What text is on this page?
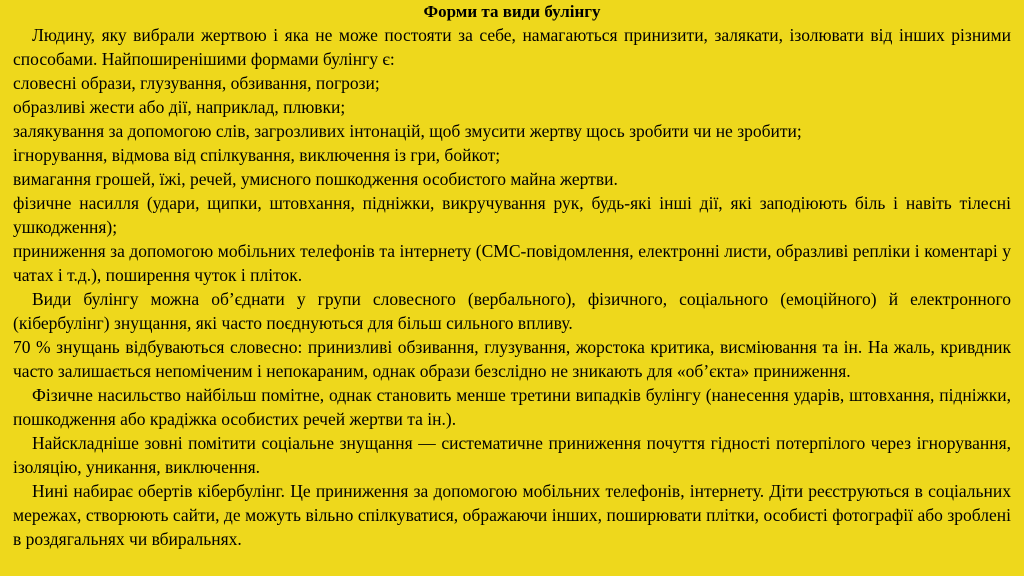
Форми та види булінгу

Людину, яку вибрали жертвою і яка не може постояти за себе, намагаються принизити, залякати, ізолювати від інших різними способами. Найпоширенішими формами булінгу є:

словесні образи, глузування, обзивання, погрози;

образливі жести або дії, наприклад, плювки;

залякування за допомогою слів, загрозливих інтонацій, щоб змусити жертву щось зробити чи не зробити;

ігнорування, відмова від спілкування, виключення із гри, бойкот;

вимагання грошей, їжі, речей, умисного пошкодження особистого майна жертви.

фізичне насилля (удари, щипки, штовхання, підніжки, викручування рук, будь-які інші дії, які заподіюють біль і навіть тілесні ушкодження);

приниження за допомогою мобільних телефонів та інтернету (СМС-повідомлення, електронні листи, образливі репліки і коментарі у чатах і т.д.), поширення чуток і пліток.

Види булінгу можна об’єднати у групи словесного (вербального), фізичного, соціального (емоційного) й електронного (кібербулінг) знущання, які часто поєднуються для більш сильного впливу.

70 % знущань відбуваються словесно: принизливі обзивання, глузування, жорстока критика, висміювання та ін. На жаль, кривдник часто залишається непоміченим і непокараним, однак образи безслідно не зникають для «об’єкта» приниження.

Фізичне насильство найбільш помітне, однак становить менше третини випадків булінгу (нанесення ударів, штовхання, підніжки, пошкодження або крадіжка особистих речей жертви та ін.).

Найскладніше зовні помітити соціальне знущання — систематичне приниження почуття гідності потерпілого через ігнорування, ізоляцію, уникання, виключення.

Нині набирає обертів кібербулінг. Це приниження за допомогою мобільних телефонів, інтернету. Діти реєструються в соціальних мережах, створюють сайти, де можуть вільно спілкуватися, ображаючи інших, поширювати плітки, особисті фотографії або зроблені в роздягальнях чи вбиральнях.
